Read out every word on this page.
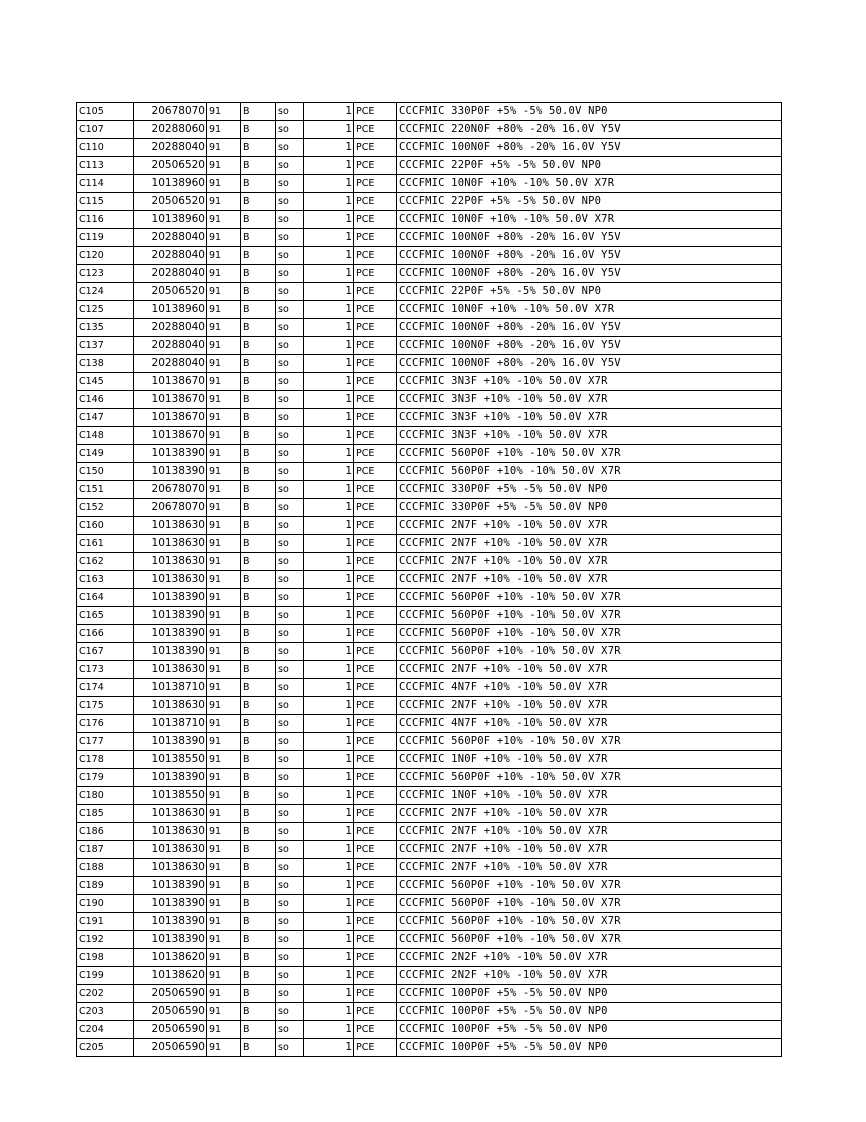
C105	20678070	91	B	so	1	PCE	CCCFMIC 330P0F +5% -5% 50.0V NP0
C107	20288060	91	B	so	1	PCE	CCCFMIC 220N0F +80% -20% 16.0V Y5V
C110	20288040	91	B	so	1	PCE	CCCFMIC 100N0F +80% -20% 16.0V Y5V
C113	20506520	91	B	so	1	PCE	CCCFMIC 22P0F +5% -5% 50.0V NP0
C114	10138960	91	B	so	1	PCE	CCCFMIC 10N0F +10% -10% 50.0V X7R
C115	20506520	91	B	so	1	PCE	CCCFMIC 22P0F +5% -5% 50.0V NP0
C116	10138960	91	B	so	1	PCE	CCCFMIC 10N0F +10% -10% 50.0V X7R
C119	20288040	91	B	so	1	PCE	CCCFMIC 100N0F +80% -20% 16.0V Y5V
C120	20288040	91	B	so	1	PCE	CCCFMIC 100N0F +80% -20% 16.0V Y5V
C123	20288040	91	B	so	1	PCE	CCCFMIC 100N0F +80% -20% 16.0V Y5V
C124	20506520	91	B	so	1	PCE	CCCFMIC 22P0F +5% -5% 50.0V NP0
C125	10138960	91	B	so	1	PCE	CCCFMIC 10N0F +10% -10% 50.0V X7R
C135	20288040	91	B	so	1	PCE	CCCFMIC 100N0F +80% -20% 16.0V Y5V
C137	20288040	91	B	so	1	PCE	CCCFMIC 100N0F +80% -20% 16.0V Y5V
C138	20288040	91	B	so	1	PCE	CCCFMIC 100N0F +80% -20% 16.0V Y5V
C145	10138670	91	B	so	1	PCE	CCCFMIC 3N3F +10% -10% 50.0V X7R
C146	10138670	91	B	so	1	PCE	CCCFMIC 3N3F +10% -10% 50.0V X7R
C147	10138670	91	B	so	1	PCE	CCCFMIC 3N3F +10% -10% 50.0V X7R
C148	10138670	91	B	so	1	PCE	CCCFMIC 3N3F +10% -10% 50.0V X7R
C149	10138390	91	B	so	1	PCE	CCCFMIC 560P0F +10% -10% 50.0V X7R
C150	10138390	91	B	so	1	PCE	CCCFMIC 560P0F +10% -10% 50.0V X7R
C151	20678070	91	B	so	1	PCE	CCCFMIC 330P0F +5% -5% 50.0V NP0
C152	20678070	91	B	so	1	PCE	CCCFMIC 330P0F +5% -5% 50.0V NP0
C160	10138630	91	B	so	1	PCE	CCCFMIC 2N7F +10% -10% 50.0V X7R
C161	10138630	91	B	so	1	PCE	CCCFMIC 2N7F +10% -10% 50.0V X7R
C162	10138630	91	B	so	1	PCE	CCCFMIC 2N7F +10% -10% 50.0V X7R
C163	10138630	91	B	so	1	PCE	CCCFMIC 2N7F +10% -10% 50.0V X7R
C164	10138390	91	B	so	1	PCE	CCCFMIC 560P0F +10% -10% 50.0V X7R
C165	10138390	91	B	so	1	PCE	CCCFMIC 560P0F +10% -10% 50.0V X7R
C166	10138390	91	B	so	1	PCE	CCCFMIC 560P0F +10% -10% 50.0V X7R
C167	10138390	91	B	so	1	PCE	CCCFMIC 560P0F +10% -10% 50.0V X7R
C173	10138630	91	B	so	1	PCE	CCCFMIC 2N7F +10% -10% 50.0V X7R
C174	10138710	91	B	so	1	PCE	CCCFMIC 4N7F +10% -10% 50.0V X7R
C175	10138630	91	B	so	1	PCE	CCCFMIC 2N7F +10% -10% 50.0V X7R
C176	10138710	91	B	so	1	PCE	CCCFMIC 4N7F +10% -10% 50.0V X7R
C177	10138390	91	B	so	1	PCE	CCCFMIC 560P0F +10% -10% 50.0V X7R
C178	10138550	91	B	so	1	PCE	CCCFMIC 1N0F +10% -10% 50.0V X7R
C179	10138390	91	B	so	1	PCE	CCCFMIC 560P0F +10% -10% 50.0V X7R
C180	10138550	91	B	so	1	PCE	CCCFMIC 1N0F +10% -10% 50.0V X7R
C185	10138630	91	B	so	1	PCE	CCCFMIC 2N7F +10% -10% 50.0V X7R
C186	10138630	91	B	so	1	PCE	CCCFMIC 2N7F +10% -10% 50.0V X7R
C187	10138630	91	B	so	1	PCE	CCCFMIC 2N7F +10% -10% 50.0V X7R
C188	10138630	91	B	so	1	PCE	CCCFMIC 2N7F +10% -10% 50.0V X7R
C189	10138390	91	B	so	1	PCE	CCCFMIC 560P0F +10% -10% 50.0V X7R
C190	10138390	91	B	so	1	PCE	CCCFMIC 560P0F +10% -10% 50.0V X7R
C191	10138390	91	B	so	1	PCE	CCCFMIC 560P0F +10% -10% 50.0V X7R
C192	10138390	91	B	so	1	PCE	CCCFMIC 560P0F +10% -10% 50.0V X7R
C198	10138620	91	B	so	1	PCE	CCCFMIC 2N2F +10% -10% 50.0V X7R
C199	10138620	91	B	so	1	PCE	CCCFMIC 2N2F +10% -10% 50.0V X7R
C202	20506590	91	B	so	1	PCE	CCCFMIC 100P0F +5% -5% 50.0V NP0
C203	20506590	91	B	so	1	PCE	CCCFMIC 100P0F +5% -5% 50.0V NP0
C204	20506590	91	B	so	1	PCE	CCCFMIC 100P0F +5% -5% 50.0V NP0
C205	20506590	91	B	so	1	PCE	CCCFMIC 100P0F +5% -5% 50.0V NP0
